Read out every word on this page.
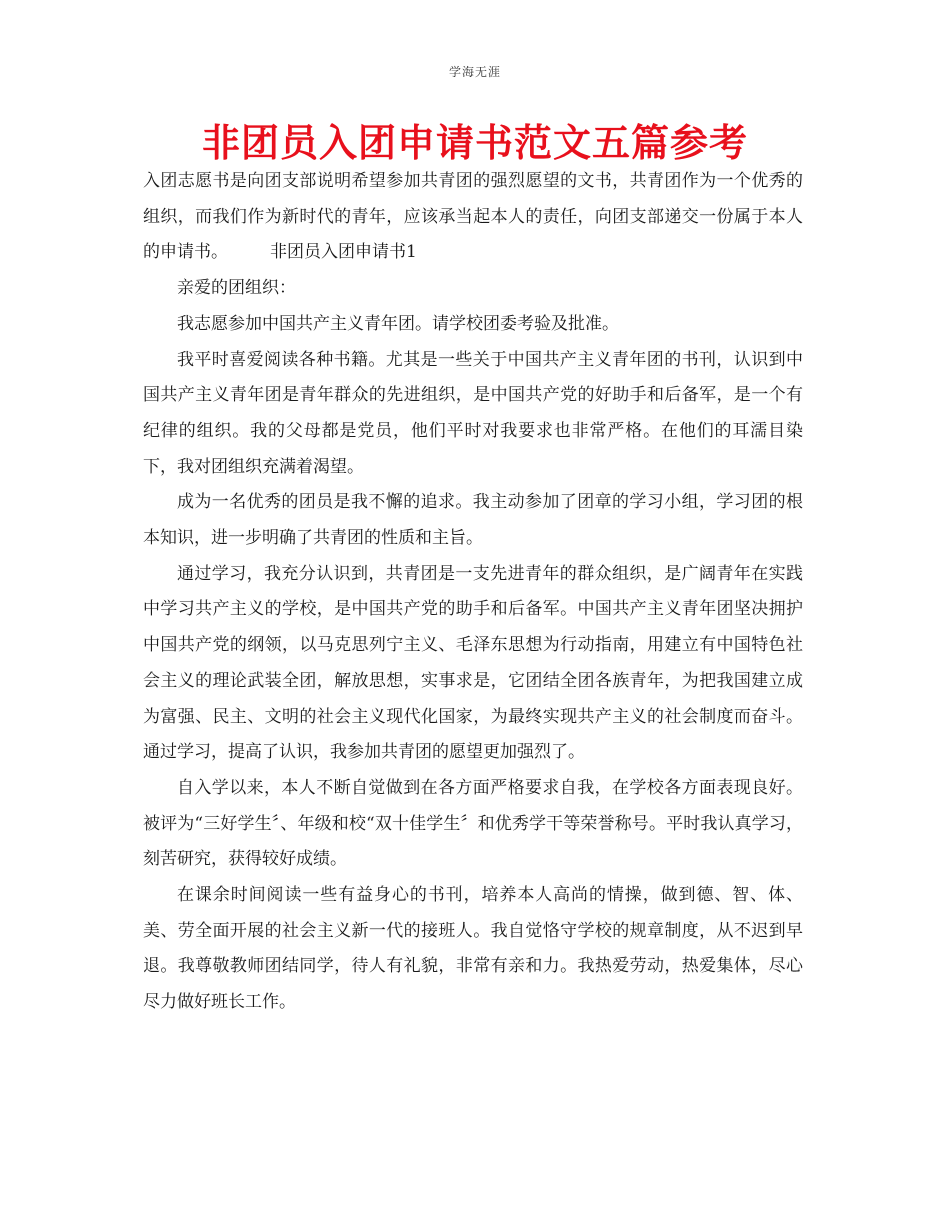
学海无涯
非团员入团申请书范文五篇参考

入团志愿书是向团支部说明希望参加共青团的强烈愿望的文书，共青团作为一个优秀的组织，而我们作为新时代的青年，应该承当起本人的责任，向团支部递交一份属于本人的申请书。 非团员入团申请书1

亲爱的团组织：

我志愿参加中国共产主义青年团。请学校团委考验及批准。

我平时喜爱阅读各种书籍。尤其是一些关于中国共产主义青年团的书刊，认识到中国共产主义青年团是青年群众的先进组织，是中国共产党的好助手和后备军，是一个有纪律的组织。我的父母都是党员，他们平时对我要求也非常严格。在他们的耳濡目染下，我对团组织充满着渴望。

成为一名优秀的团员是我不懈的追求。我主动参加了团章的学习小组，学习团的根本知识，进一步明确了共青团的性质和主旨。

通过学习，我充分认识到，共青团是一支先进青年的群众组织，是广阔青年在实践中学习共产主义的学校，是中国共产党的助手和后备军。中国共产主义青年团坚决拥护中国共产党的纲领，以马克思列宁主义、毛泽东思想为行动指南，用建立有中国特色社会主义的理论武装全团，解放思想，实事求是，它团结全团各族青年，为把我国建立成为富强、民主、文明的社会主义现代化国家，为最终实现共产主义的社会制度而奋斗。通过学习，提高了认识，我参加共青团的愿望更加强烈了。

自入学以来，本人不断自觉做到在各方面严格要求自我，在学校各方面表现良好。被评为“三好学生〞、年级和校“双十佳学生〞和优秀学干等荣誉称号。平时我认真学习，刻苦研究，获得较好成绩。

在课余时间阅读一些有益身心的书刊，培养本人高尚的情操，做到德、智、体、美、劳全面开展的社会主义新一代的接班人。我自觉恪守学校的规章制度，从不迟到早退。我尊敬教师团结同学，待人有礼貌，非常有亲和力。我热爱劳动，热爱集体，尽心尽力做好班长工作。
